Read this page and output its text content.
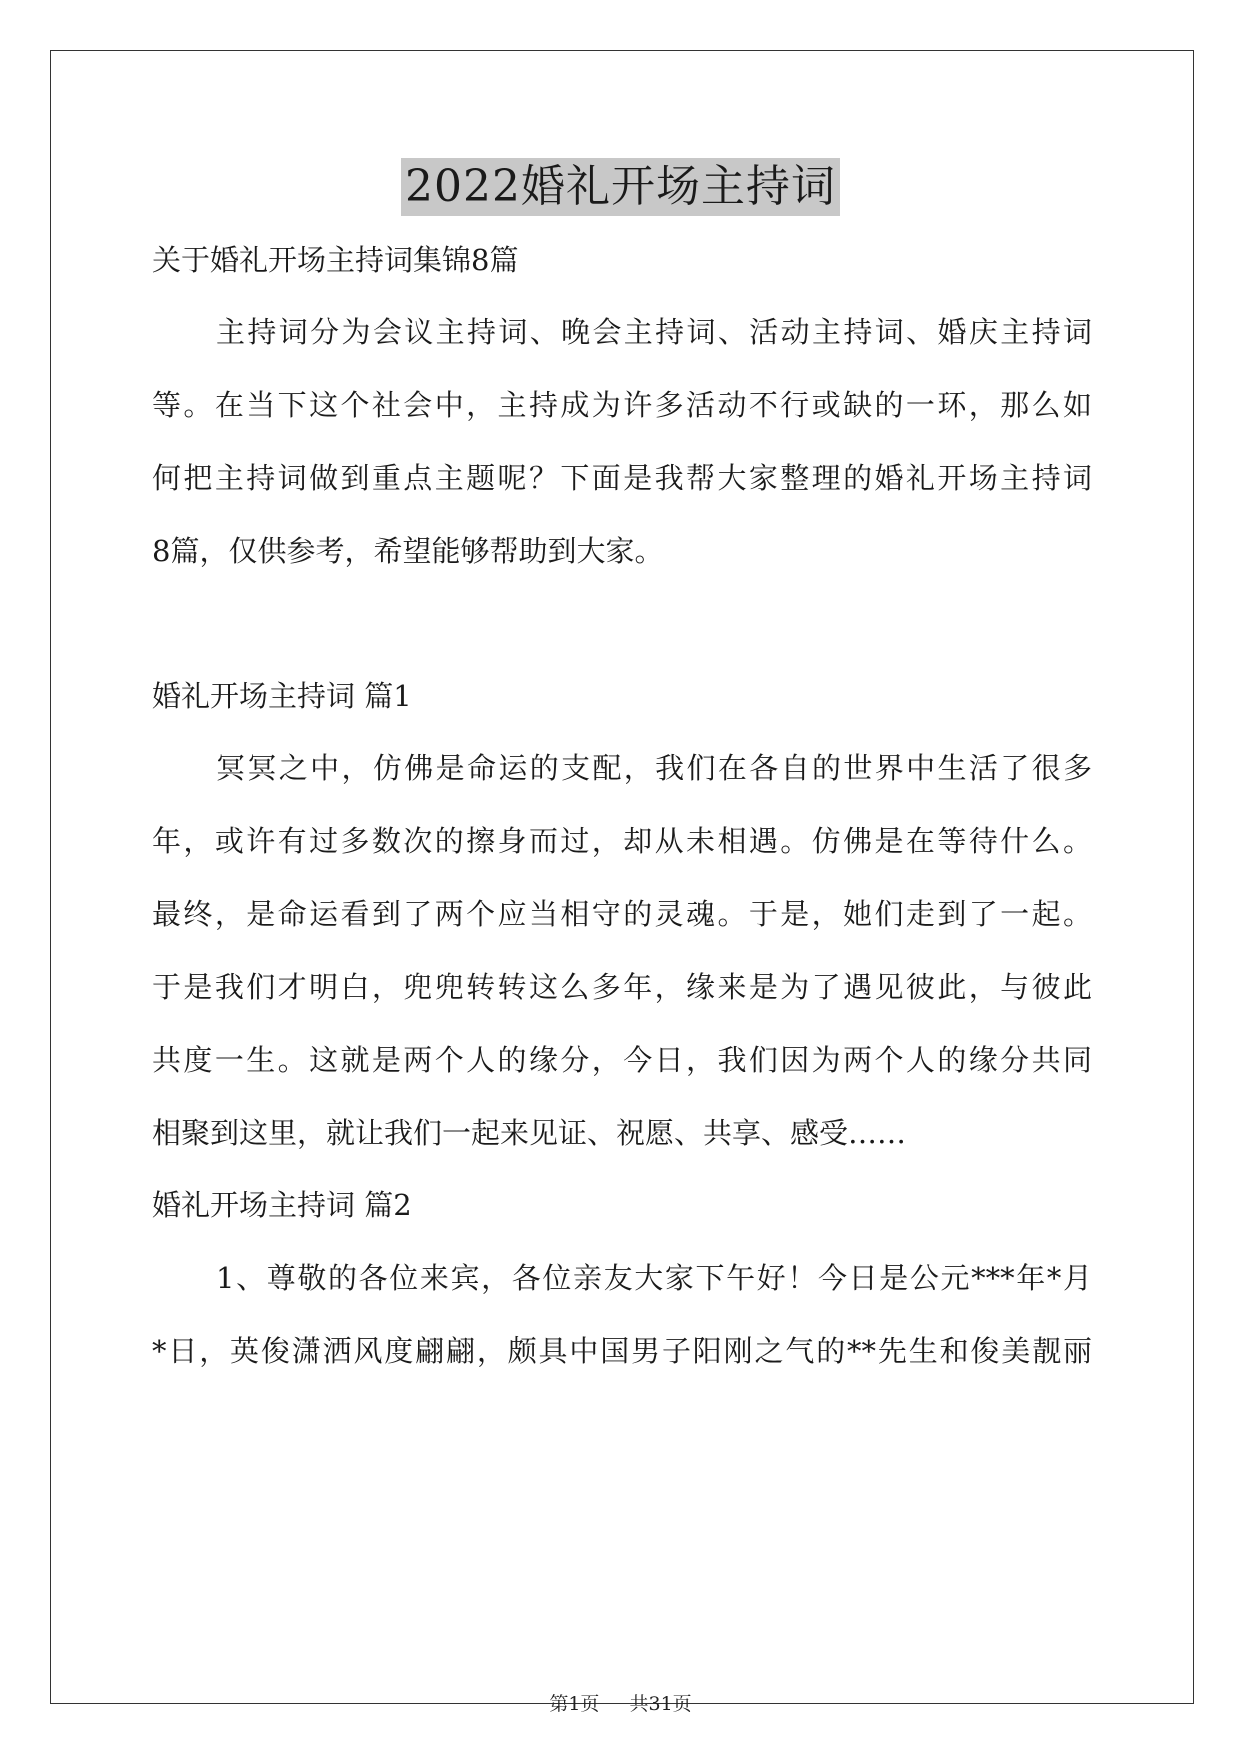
2022婚礼开场主持词

关于婚礼开场主持词集锦8篇

主持词分为会议主持词、晚会主持词、活动主持词、婚庆主持词

等。在当下这个社会中，主持成为许多活动不行或缺的一环，那么如

何把主持词做到重点主题呢？下面是我帮大家整理的婚礼开场主持词

8篇，仅供参考，希望能够帮助到大家。

婚礼开场主持词 篇1

冥冥之中，仿佛是命运的支配，我们在各自的世界中生活了很多

年，或许有过多数次的擦身而过，却从未相遇。仿佛是在等待什么。

最终，是命运看到了两个应当相守的灵魂。于是，她们走到了一起。

于是我们才明白，兜兜转转这么多年，缘来是为了遇见彼此，与彼此

共度一生。这就是两个人的缘分，今日，我们因为两个人的缘分共同

相聚到这里，就让我们一起来见证、祝愿、共享、感受……

婚礼开场主持词 篇2

1、尊敬的各位来宾，各位亲友大家下午好！今日是公元***年*月

*日，英俊潇洒风度翩翩，颇具中国男子阳刚之气的**先生和俊美靓丽

第1页 共31页
